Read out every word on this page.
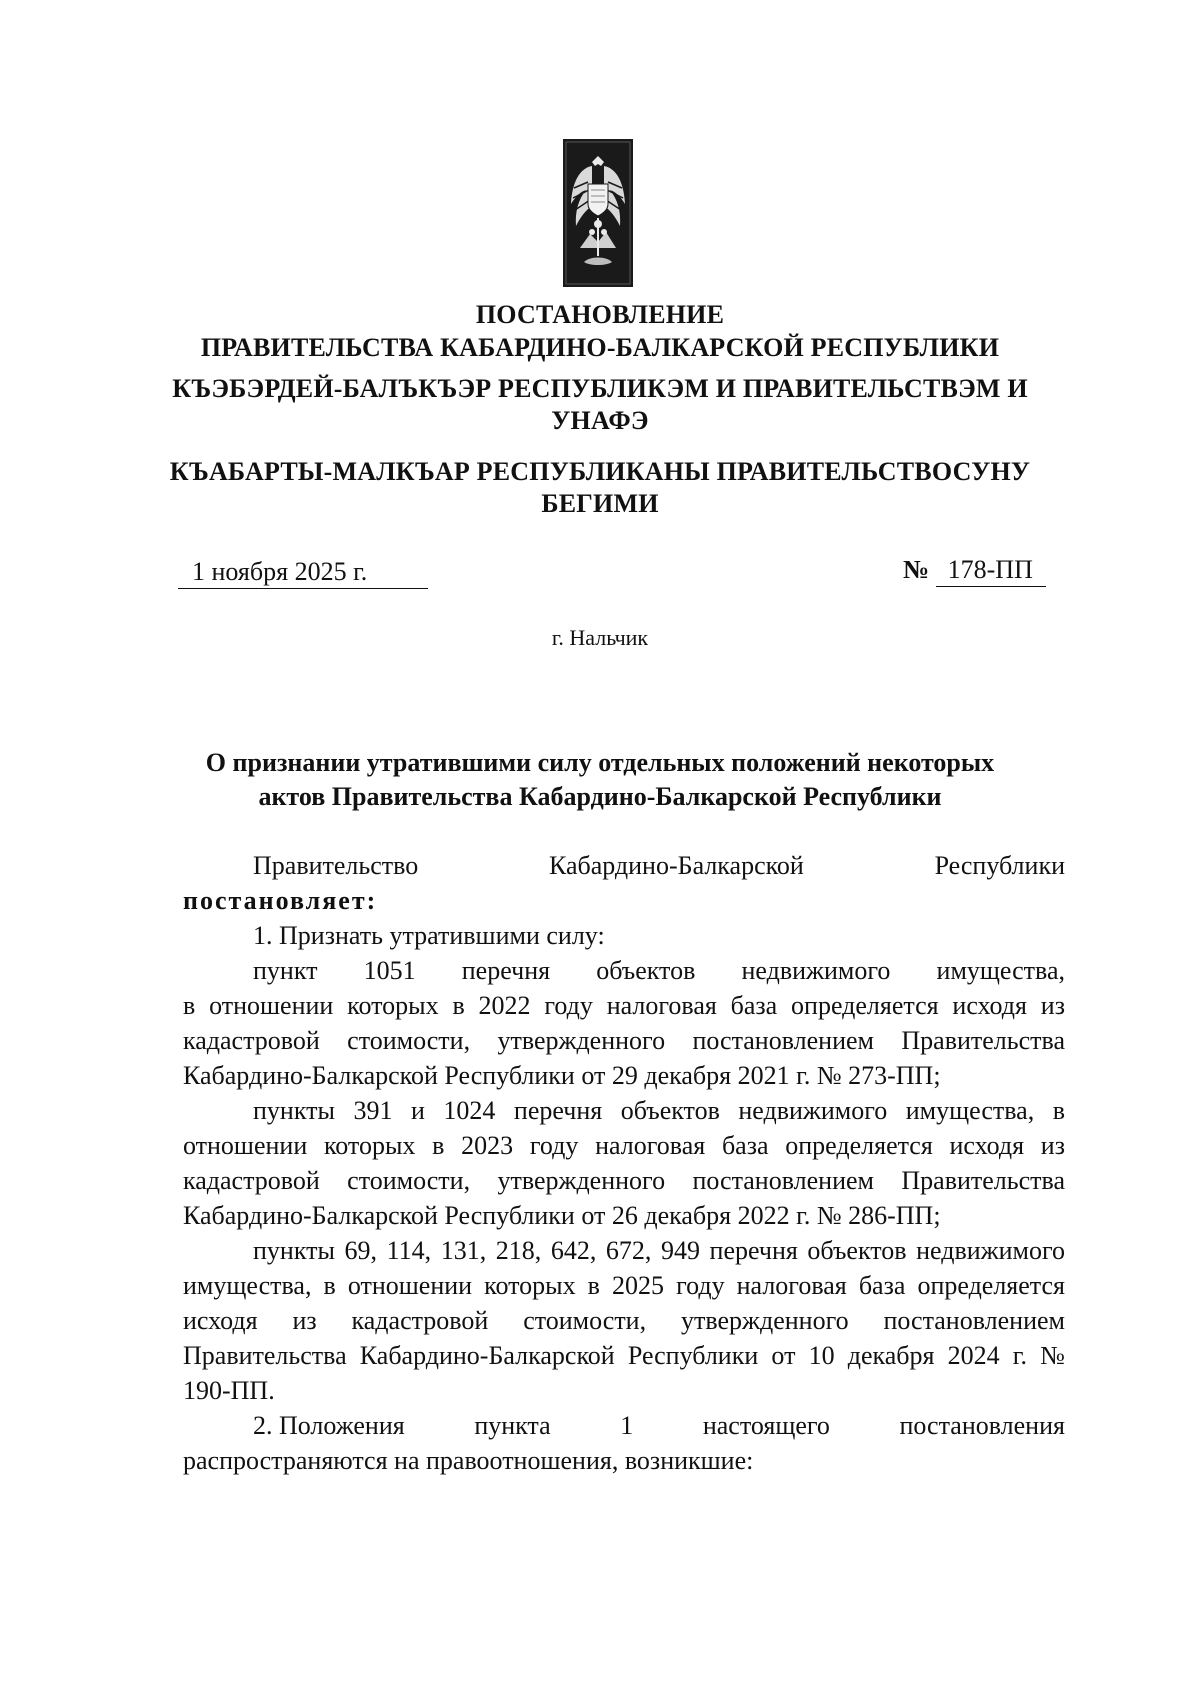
ПОСТАНОВЛЕНИЕ

ПРАВИТЕЛЬСТВА КАБАРДИНО-БАЛКАРСКОЙ РЕСПУБЛИКИ

КЪЭБЭРДЕЙ-БАЛЪКЪЭР РЕСПУБЛИКЭМ И ПРАВИТЕЛЬСТВЭМ И

УНАФЭ

КЪАБАРТЫ-МАЛКЪАР РЕСПУБЛИКАНЫ ПРАВИТЕЛЬСТВОСУНУ

БЕГИМИ

1 ноября 2025 г.	№ 178-ПП
г. Нальчик
О признании утратившими силу отдельных положений некоторых
актов Правительства Кабардино-Балкарской Республики
Правительство	Кабардино-Балкарской	Республики

постановляет:

1. Признать утратившими силу:

пункт 1051 перечня объектов недвижимого имущества,

в отношении которых в 2022 году налоговая база определяется исходя из кадастровой стоимости, утвержденного постановлением Правительства Кабардино-Балкарской Республики от 29 декабря 2021 г. № 273-ПП;

пункты 391 и 1024 перечня объектов недвижимого имущества, в отношении которых в 2023 году налоговая база определяется исходя из кадастровой стоимости, утвержденного постановлением Правительства Кабардино-Балкарской Республики от 26 декабря 2022 г. № 286-ПП;

пункты 69, 114, 131, 218, 642, 672, 949 перечня объектов недвижимого имущества, в отношении которых в 2025 году налоговая база определяется исходя из кадастровой стоимости, утвержденного постановлением Правительства Кабардино-Балкарской Республики от 10 декабря 2024 г. № 190-ПП.

2. Положения	пункта	1	настоящего	постановления

распространяются на правоотношения, возникшие:
